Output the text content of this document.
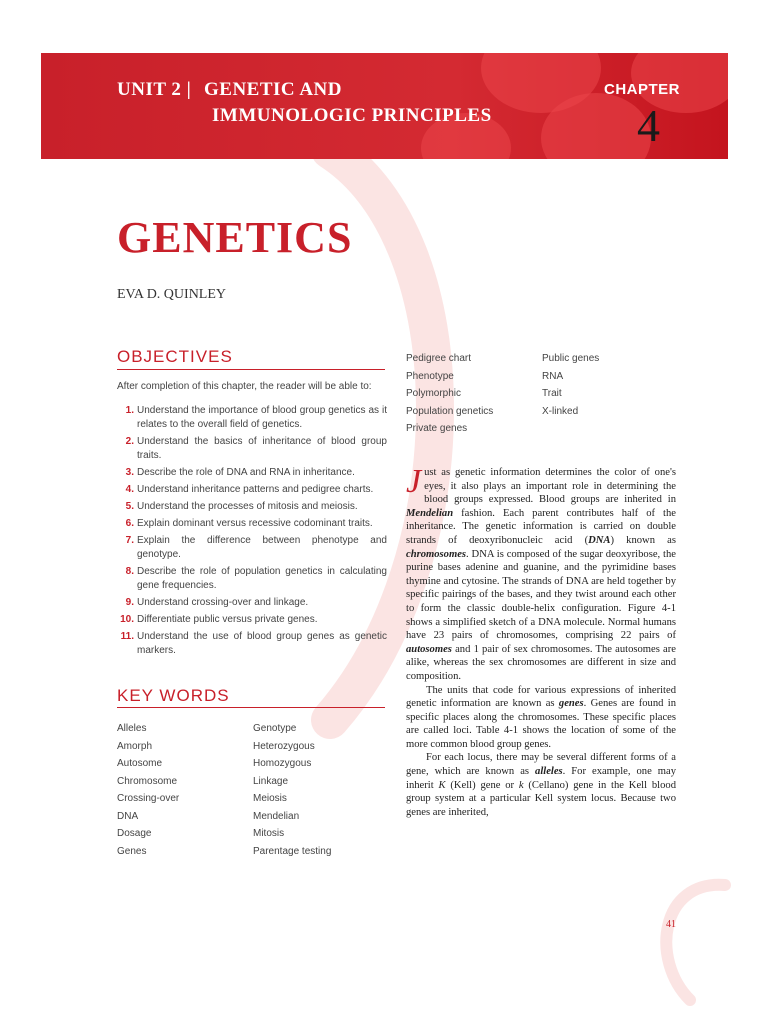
UNIT 2 | GENETIC AND
IMMUNOLOGIC PRINCIPLES
CHAPTER
4
GENETICS
EVA D. QUINLEY
OBJECTIVES
After completion of this chapter, the reader will be able to:
1. Understand the importance of blood group genetics as it relates to the overall field of genetics.
2. Understand the basics of inheritance of blood group traits.
3. Describe the role of DNA and RNA in inheritance.
4. Understand inheritance patterns and pedigree charts.
5. Understand the processes of mitosis and meiosis.
6. Explain dominant versus recessive codominant traits.
7. Explain the difference between phenotype and genotype.
8. Describe the role of population genetics in calculating gene frequencies.
9. Understand crossing-over and linkage.
10. Differentiate public versus private genes.
11. Understand the use of blood group genes as genetic markers.
KEY WORDS
Alleles
Amorph
Autosome
Chromosome
Crossing-over
DNA
Dosage
Genes
Genotype
Heterozygous
Homozygous
Linkage
Meiosis
Mendelian
Mitosis
Parentage testing
Pedigree chart
Phenotype
Polymorphic
Population genetics
Private genes
Public genes
RNA
Trait
X-linked

Just as genetic information determines the color of one's eyes, it also plays an important role in determining the blood groups expressed. Blood groups are inherited in Mendelian fashion. Each parent contributes half of the inheritance. The genetic information is carried on double strands of deoxyribonucleic acid (DNA) known as chromosomes. DNA is composed of the sugar deoxyribose, the purine bases adenine and guanine, and the pyrimidine bases thymine and cytosine. The strands of DNA are held together by specific pairings of the bases, and they twist around each other to form the classic double-helix configuration. Figure 4-1 shows a simplified sketch of a DNA molecule. Normal humans have 23 pairs of chromosomes, comprising 22 pairs of autosomes and 1 pair of sex chromosomes. The autosomes are alike, whereas the sex chromosomes are different in size and composition.

The units that code for various expressions of inherited genetic information are known as genes. Genes are found in specific places along the chromosomes. These specific places are called loci. Table 4-1 shows the location of some of the more common blood group genes.

For each locus, there may be several different forms of a gene, which are known as alleles. For example, one may inherit K (Kell) gene or k (Cellano) gene in the Kell blood group system at a particular Kell system locus. Because two genes are inherited,

41
